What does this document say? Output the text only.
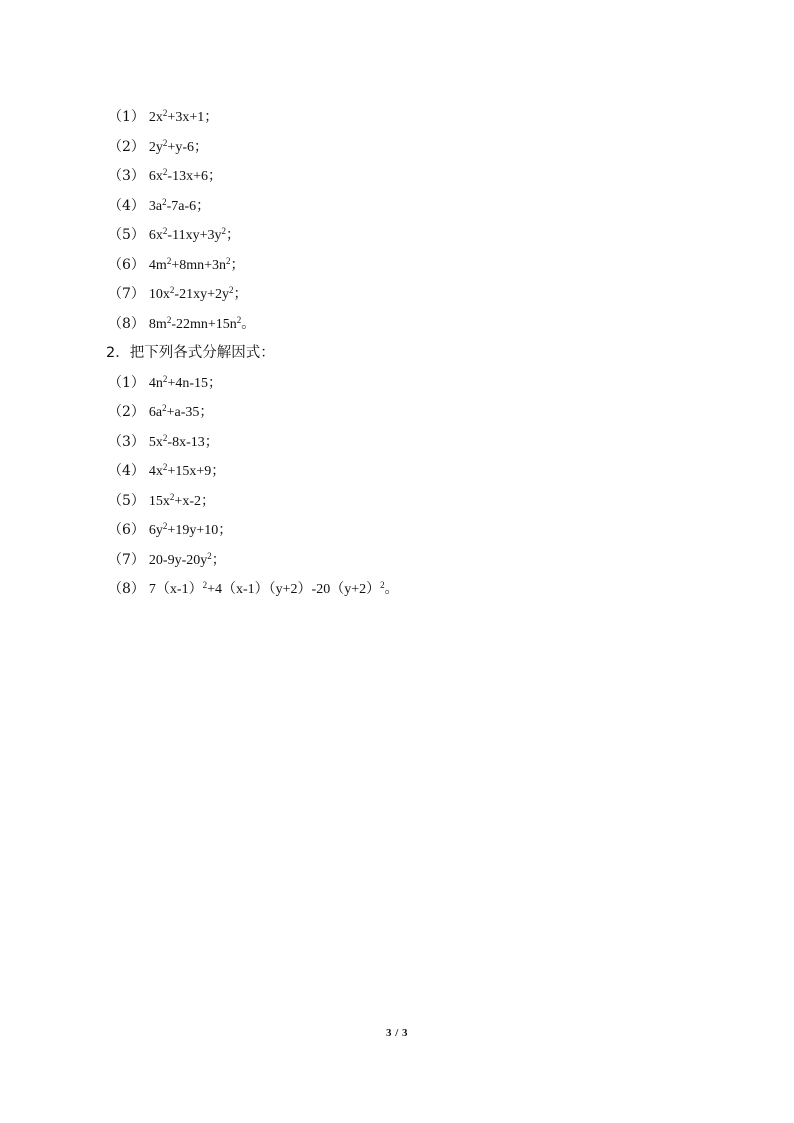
（1） $2x^2+3x+1$；
（2） $2y^2+y-6$；
（3） $6x^2-13x+6$；
（4） $3a^2-7a-6$；
（5） $6x^2-11xy+3y^2$；
（6） $4m^2+8mn+3n^2$；
（7） $10x^2-21xy+2y^2$；
（8） $8m^2-22mn+15n^2$。
2．把下列各式分解因式：
（1） $4n^2+4n-15$；
（2） $6a^2+a-35$；
（3） $5x^2-8x-13$；
（4） $4x^2+15x+9$；
（5） $15x^2+x-2$；
（6） $6y^2+19y+10$；
（7） $20-9y-20y^2$；
（8） $7(x-1)^2+4(x-1)(y+2)-20(y+2)^2$。
3 / 3
